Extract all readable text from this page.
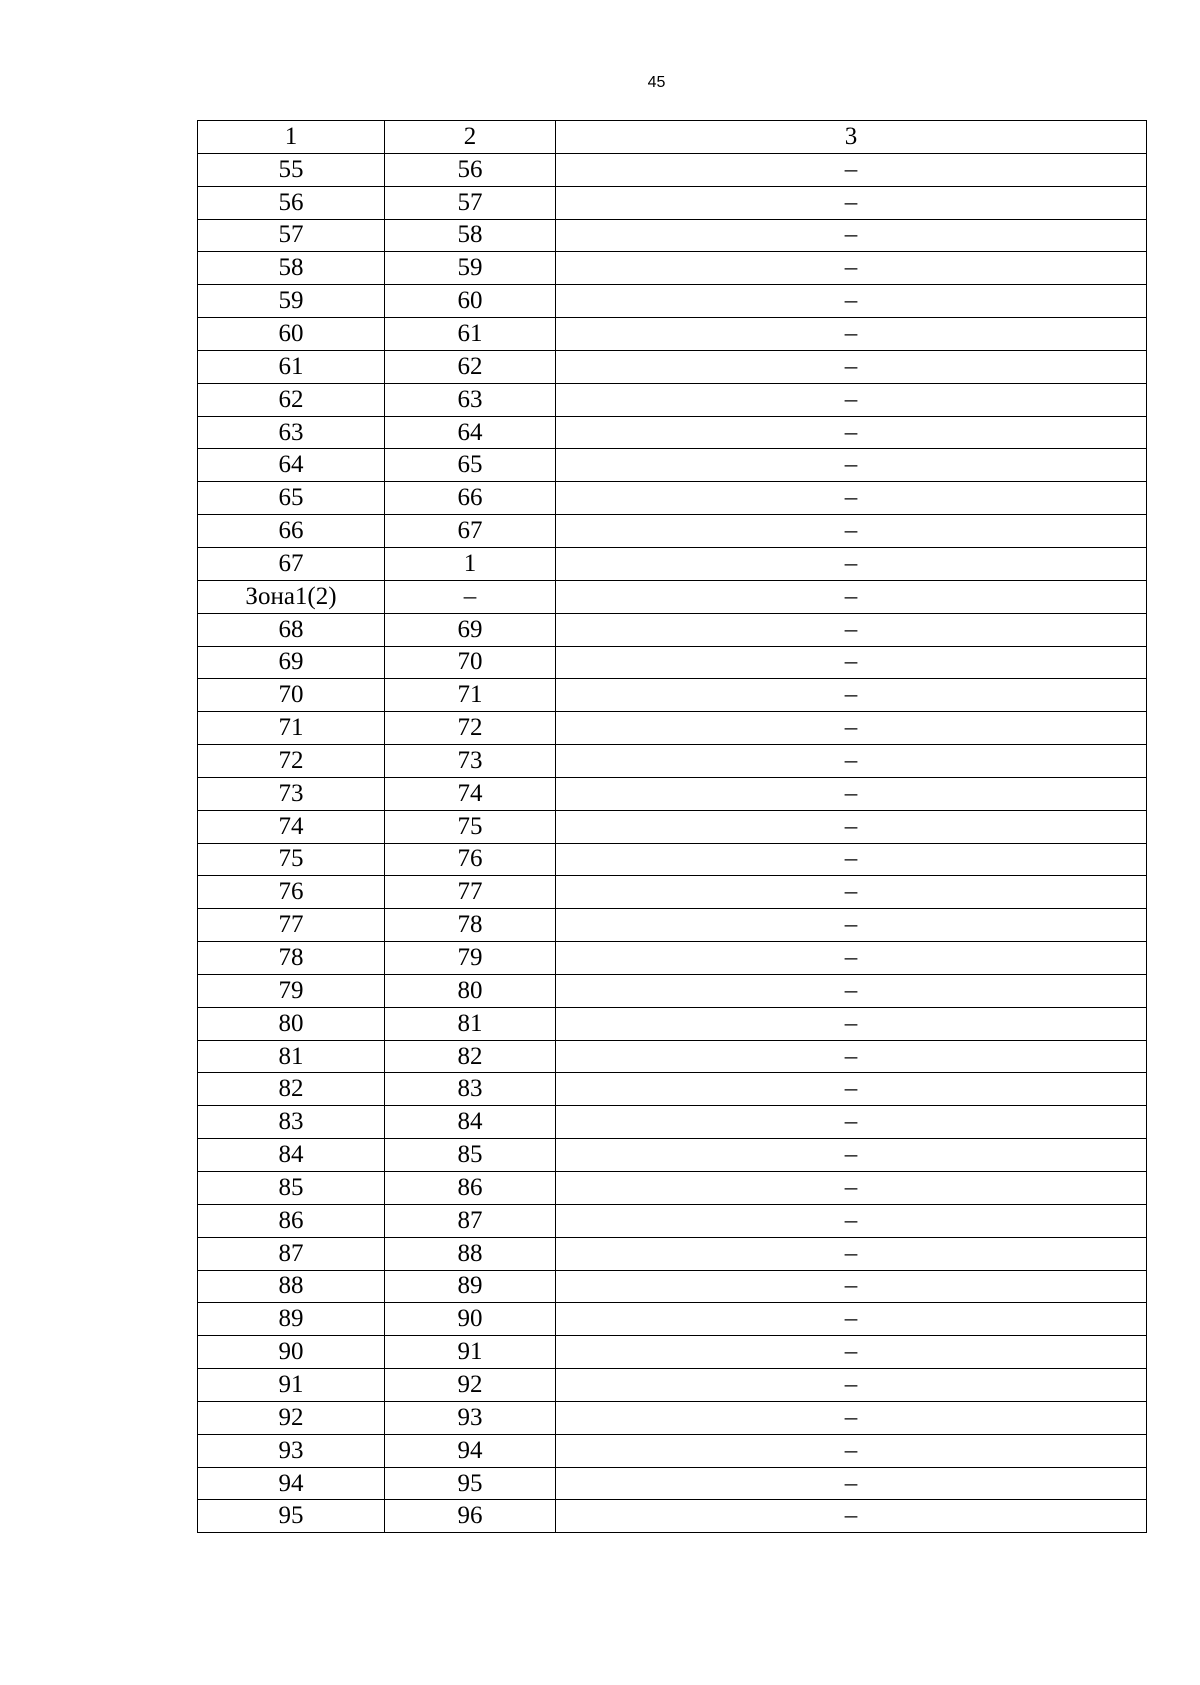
45
1	2	3
55	56	–
56	57	–
57	58	–
58	59	–
59	60	–
60	61	–
61	62	–
62	63	–
63	64	–
64	65	–
65	66	–
66	67	–
67	1	–
Зона1(2)	–	–
68	69	–
69	70	–
70	71	–
71	72	–
72	73	–
73	74	–
74	75	–
75	76	–
76	77	–
77	78	–
78	79	–
79	80	–
80	81	–
81	82	–
82	83	–
83	84	–
84	85	–
85	86	–
86	87	–
87	88	–
88	89	–
89	90	–
90	91	–
91	92	–
92	93	–
93	94	–
94	95	–
95	96	–
